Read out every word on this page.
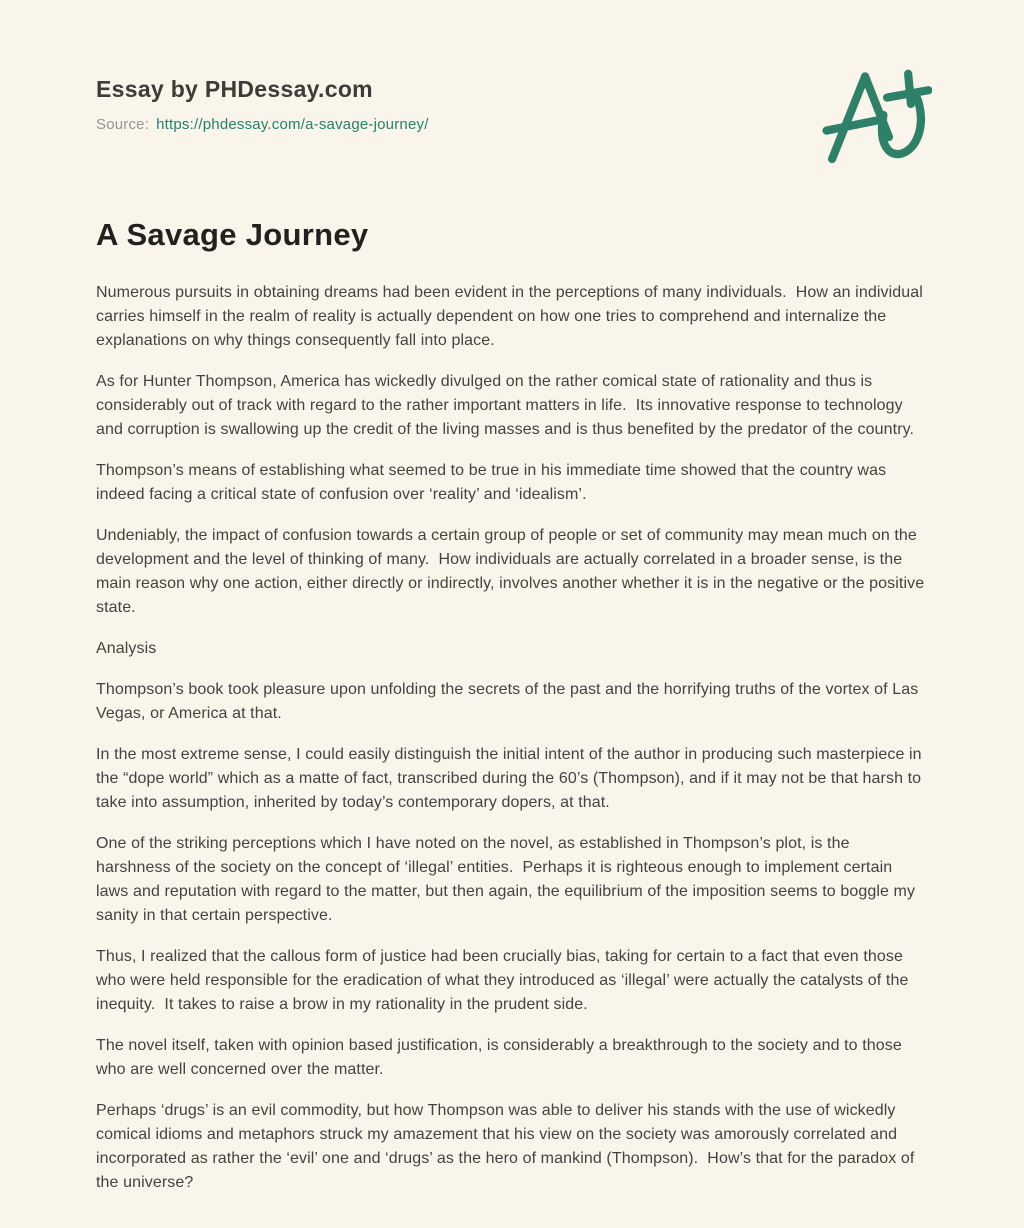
Essay by PHDessay.com
Source: https://phdessay.com/a-savage-journey/
A Savage Journey

Numerous pursuits in obtaining dreams had been evident in the perceptions of many individuals.  How an individual carries himself in the realm of reality is actually dependent on how one tries to comprehend and internalize the explanations on why things consequently fall into place.

As for Hunter Thompson, America has wickedly divulged on the rather comical state of rationality and thus is considerably out of track with regard to the rather important matters in life.  Its innovative response to technology and corruption is swallowing up the credit of the living masses and is thus benefited by the predator of the country.

Thompson’s means of establishing what seemed to be true in his immediate time showed that the country was indeed facing a critical state of confusion over ‘reality’ and ‘idealism’.

Undeniably, the impact of confusion towards a certain group of people or set of community may mean much on the development and the level of thinking of many.  How individuals are actually correlated in a broader sense, is the main reason why one action, either directly or indirectly, involves another whether it is in the negative or the positive state.

Analysis

Thompson’s book took pleasure upon unfolding the secrets of the past and the horrifying truths of the vortex of Las Vegas, or America at that.

In the most extreme sense, I could easily distinguish the initial intent of the author in producing such masterpiece in the “dope world” which as a matte of fact, transcribed during the 60’s (Thompson), and if it may not be that harsh to take into assumption, inherited by today’s contemporary dopers, at that.

One of the striking perceptions which I have noted on the novel, as established in Thompson’s plot, is the harshness of the society on the concept of ‘illegal’ entities.  Perhaps it is righteous enough to implement certain laws and reputation with regard to the matter, but then again, the equilibrium of the imposition seems to boggle my sanity in that certain perspective.

Thus, I realized that the callous form of justice had been crucially bias, taking for certain to a fact that even those who were held responsible for the eradication of what they introduced as ‘illegal’ were actually the catalysts of the inequity.  It takes to raise a brow in my rationality in the prudent side.

The novel itself, taken with opinion based justification, is considerably a breakthrough to the society and to those who are well concerned over the matter.

Perhaps ‘drugs’ is an evil commodity, but how Thompson was able to deliver his stands with the use of wickedly comical idioms and metaphors struck my amazement that his view on the society was amorously correlated and incorporated as rather the ‘evil’ one and ‘drugs’ as the hero of mankind (Thompson).  How’s that for the paradox of the universe?
